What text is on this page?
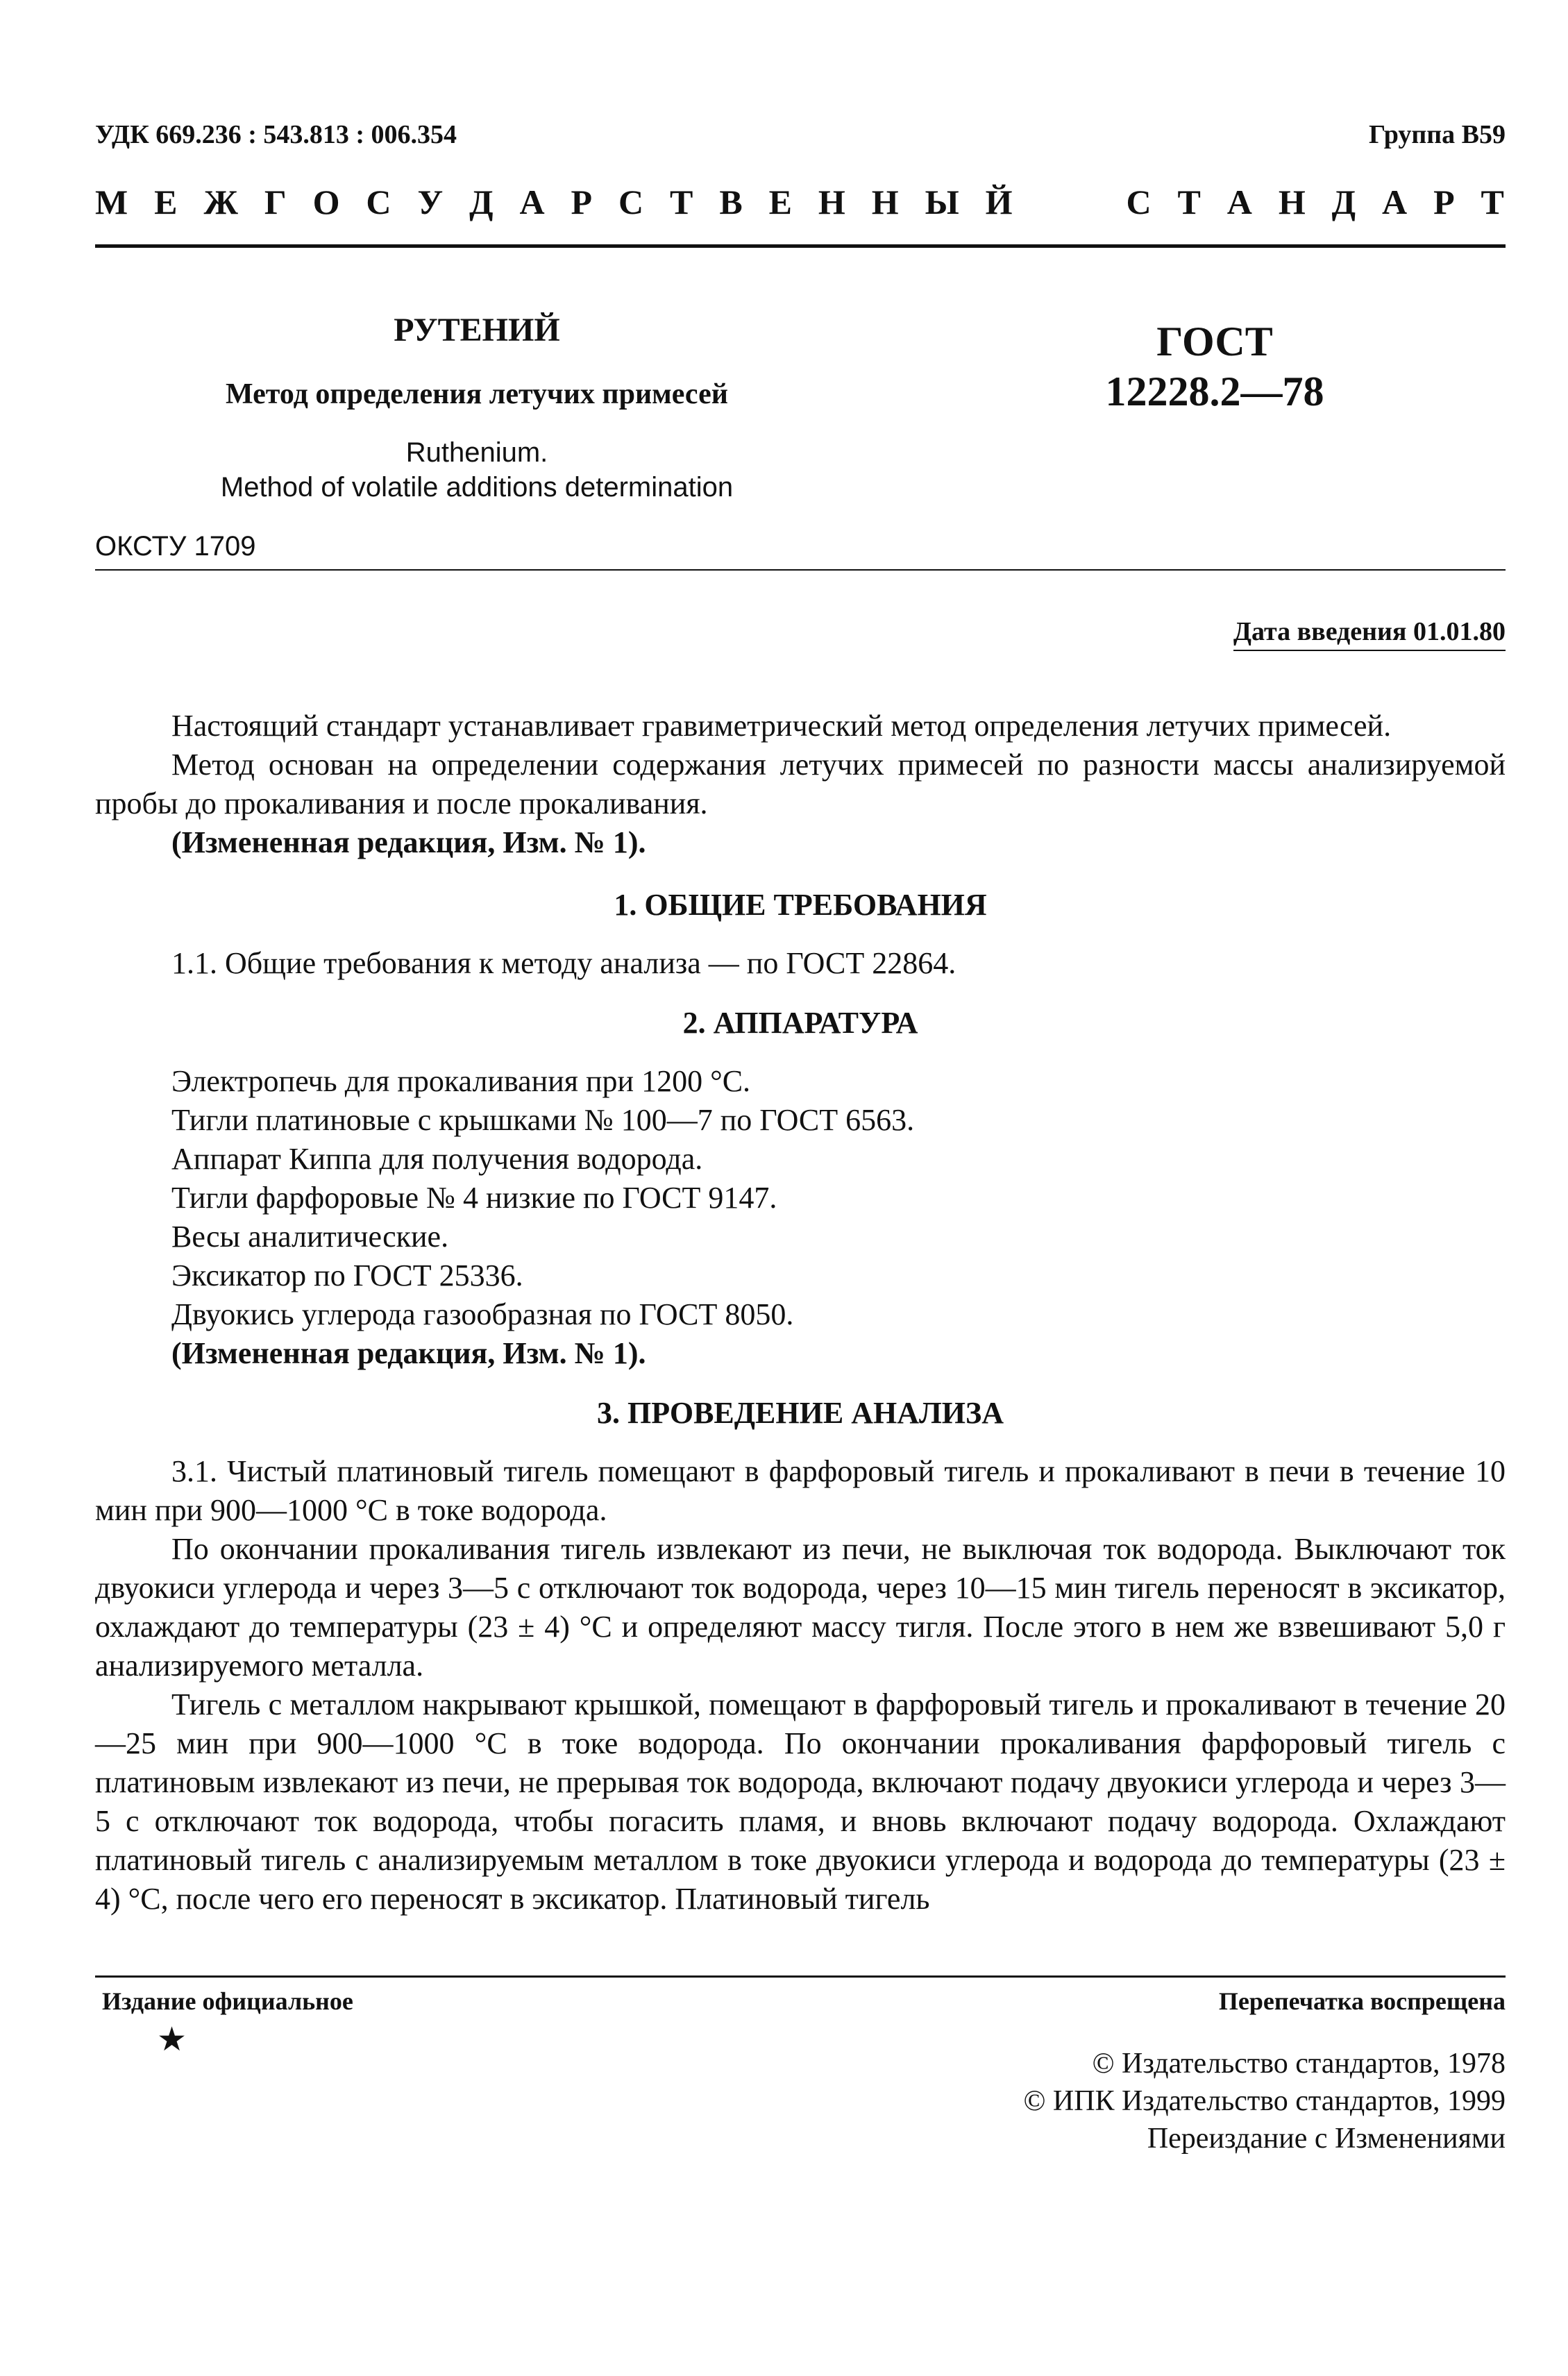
УДК 669.236 : 543.813 : 006.354	Группа В59
М Е Ж Г О С У Д А Р С Т В Е Н Н Ы Й	С Т А Н Д А Р Т
РУТЕНИЙ
Метод определения летучих примесей
Ruthenium.
Method of volatile additions determination
ГОСТ
12228.2—78
ОКСТУ 1709
Дата введения 01.01.80

Настоящий стандарт устанавливает гравиметрический метод определения летучих примесей.

Метод основан на определении содержания летучих примесей по разности массы анализируемой пробы до прокаливания и после прокаливания.

(Измененная редакция, Изм. № 1).

1. ОБЩИЕ ТРЕБОВАНИЯ

1.1. Общие требования к методу анализа — по ГОСТ 22864.

2. АППАРАТУРА
Электропечь для прокаливания при 1200 °С.
Тигли платиновые с крышками № 100—7 по ГОСТ 6563.
Аппарат Киппа для получения водорода.
Тигли фарфоровые № 4 низкие по ГОСТ 9147.
Весы аналитические.
Эксикатор по ГОСТ 25336.
Двуокись углерода газообразная по ГОСТ 8050.
(Измененная редакция, Изм. № 1).
3. ПРОВЕДЕНИЕ АНАЛИЗА

3.1. Чистый платиновый тигель помещают в фарфоровый тигель и прокаливают в печи в течение 10 мин при 900—1000 °С в токе водорода.

По окончании прокаливания тигель извлекают из печи, не выключая ток водорода. Выключают ток двуокиси углерода и через 3—5 с отключают ток водорода, через 10—15 мин тигель переносят в эксикатор, охлаждают до температуры (23 ± 4) °С и определяют массу тигля. После этого в нем же взвешивают 5,0 г анализируемого металла.

Тигель с металлом накрывают крышкой, помещают в фарфоровый тигель и прокаливают в течение 20—25 мин при 900—1000 °С в токе водорода. По окончании прокаливания фарфоровый тигель с платиновым извлекают из печи, не прерывая ток водорода, включают подачу двуокиси углерода и через 3—5 с отключают ток водорода, чтобы погасить пламя, и вновь включают подачу водорода. Охлаждают платиновый тигель с анализируемым металлом в токе двуокиси углерода и водорода до температуры (23 ± 4) °С, после чего его переносят в эксикатор. Платиновый тигель

Издание официальное
★
Перепечатка воспрещена
© Издательство стандартов, 1978
© ИПК Издательство стандартов, 1999
Переиздание с Изменениями
